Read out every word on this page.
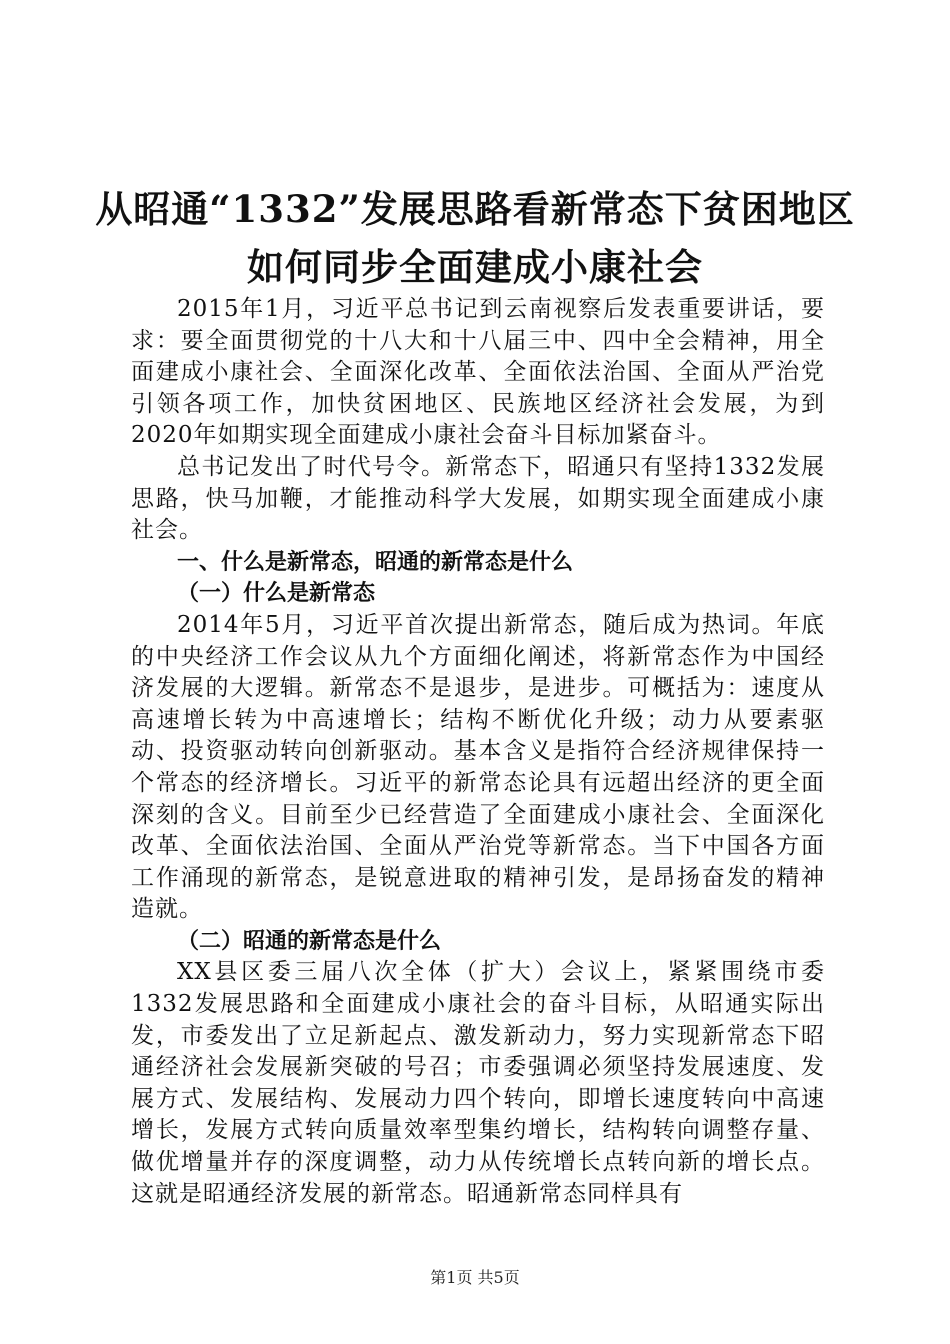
从昭通“1332”发展思路看新常态下贫困地区
如何同步全面建成小康社会

2015年1月，习近平总书记到云南视察后发表重要讲话，要求：要全面贯彻党的十八大和十八届三中、四中全会精神，用全面建成小康社会、全面深化改革、全面依法治国、全面从严治党引领各项工作，加快贫困地区、民族地区经济社会发展，为到2020年如期实现全面建成小康社会奋斗目标加紧奋斗。

总书记发出了时代号令。新常态下，昭通只有坚持1332发展思路，快马加鞭，才能推动科学大发展，如期实现全面建成小康社会。

一、什么是新常态，昭通的新常态是什么

（一）什么是新常态

2014年5月，习近平首次提出新常态，随后成为热词。年底的中央经济工作会议从九个方面细化阐述，将新常态作为中国经济发展的大逻辑。新常态不是退步，是进步。可概括为：速度从高速增长转为中高速增长；结构不断优化升级；动力从要素驱动、投资驱动转向创新驱动。基本含义是指符合经济规律保持一个常态的经济增长。习近平的新常态论具有远超出经济的更全面深刻的含义。目前至少已经营造了全面建成小康社会、全面深化改革、全面依法治国、全面从严治党等新常态。当下中国各方面工作涌现的新常态，是锐意进取的精神引发，是昂扬奋发的精神造就。

（二）昭通的新常态是什么

XX县区委三届八次全体（扩大）会议上，紧紧围绕市委1332发展思路和全面建成小康社会的奋斗目标，从昭通实际出发，市委发出了立足新起点、激发新动力，努力实现新常态下昭通经济社会发展新突破的号召；市委强调必须坚持发展速度、发展方式、发展结构、发展动力四个转向，即增长速度转向中高速增长，发展方式转向质量效率型集约增长，结构转向调整存量、做优增量并存的深度调整，动力从传统增长点转向新的增长点。这就是昭通经济发展的新常态。昭通新常态同样具有

第1页 共5页
